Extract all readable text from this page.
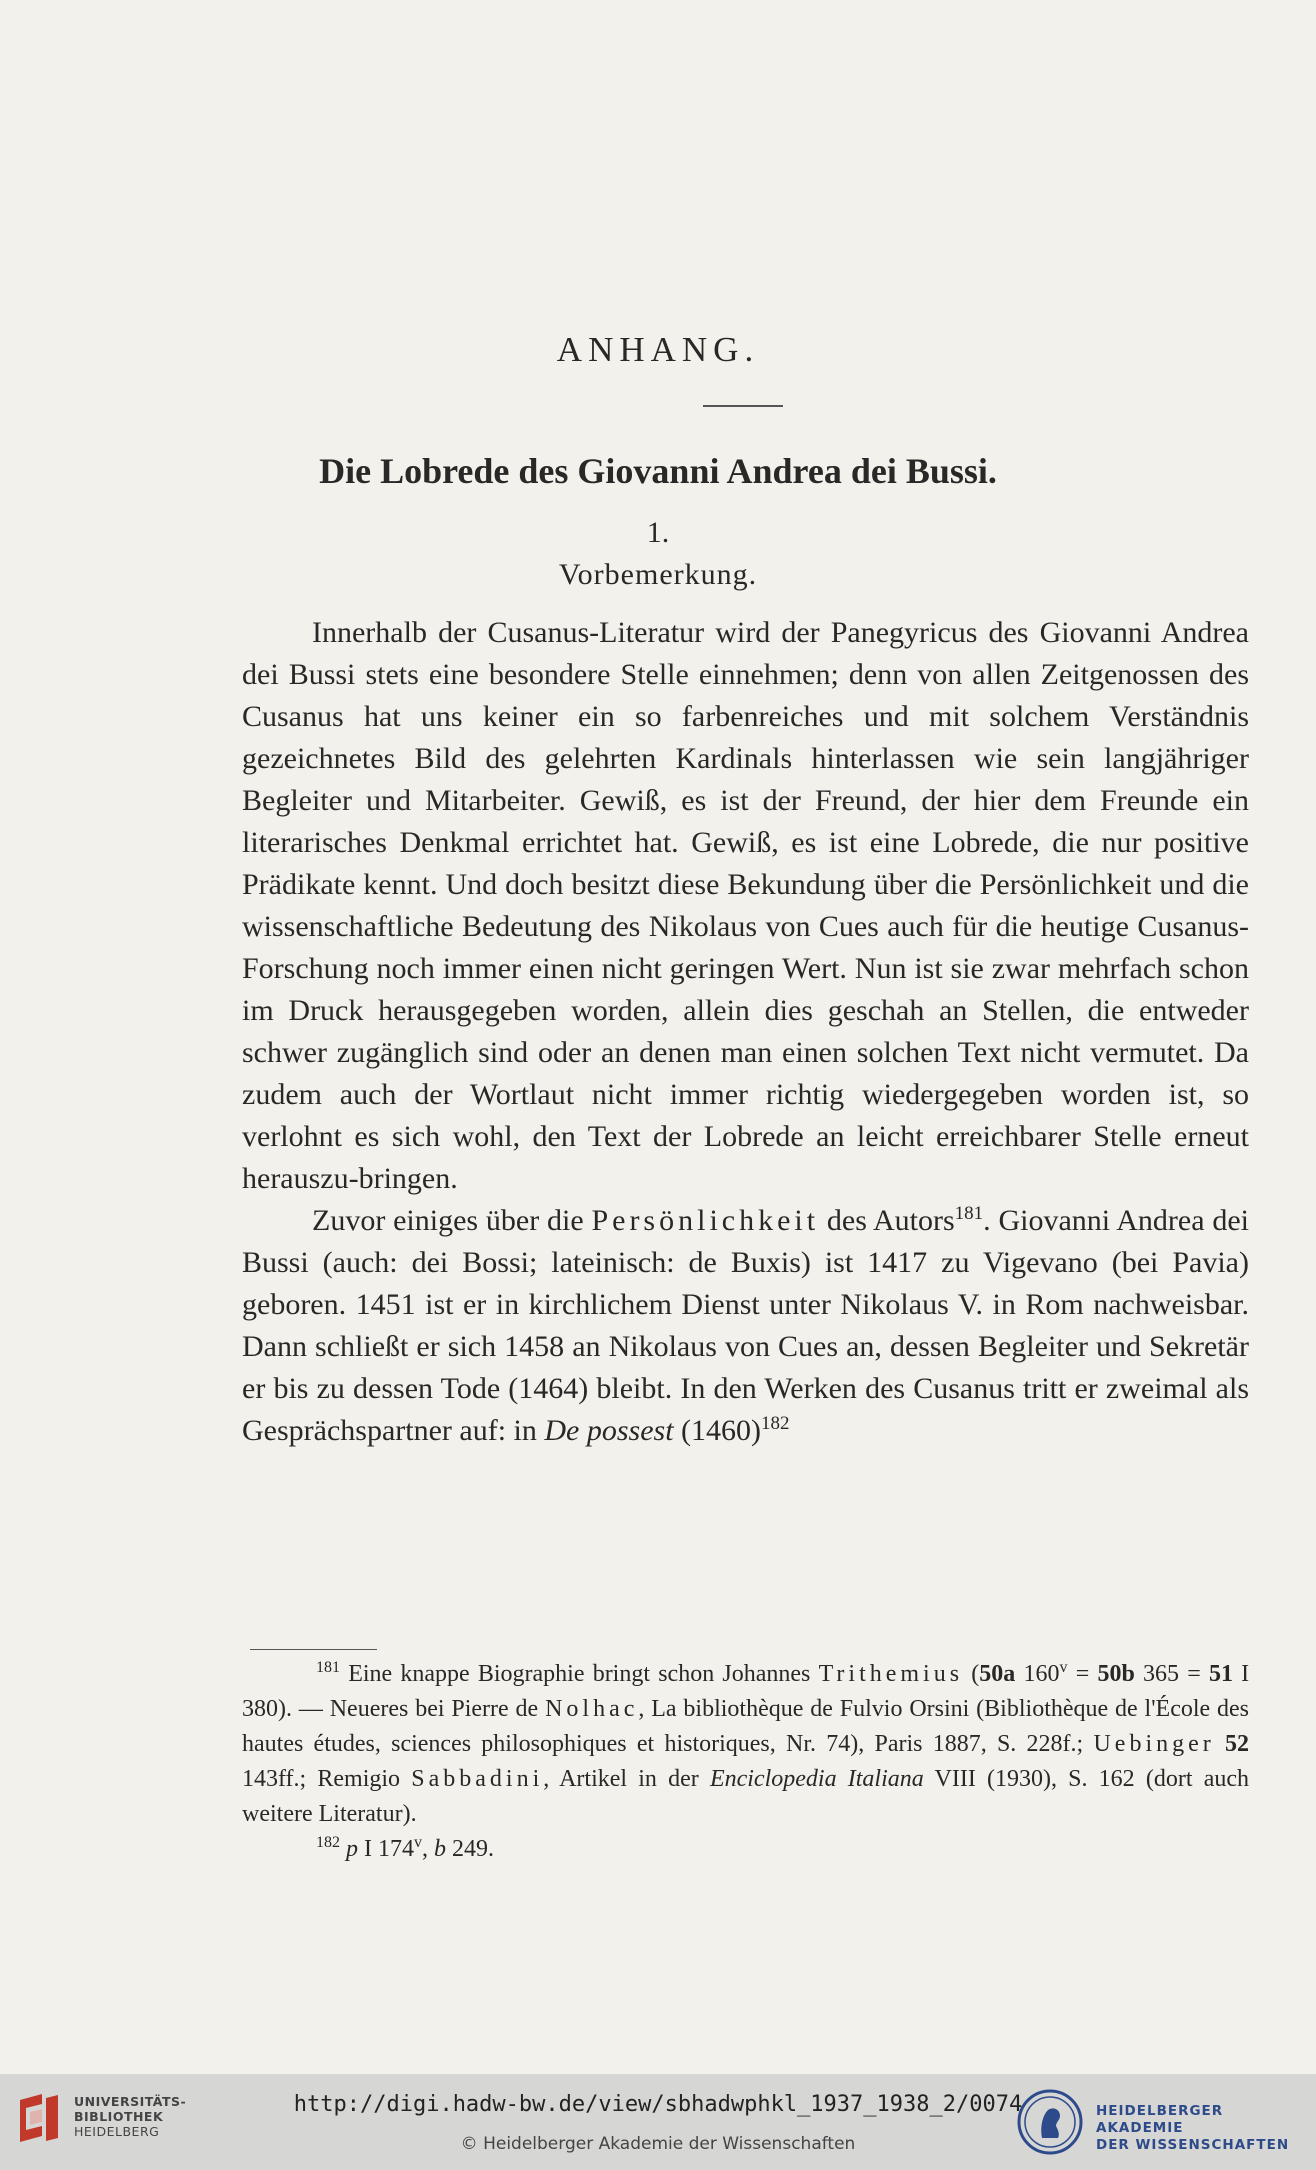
ANHANG.
Die Lobrede des Giovanni Andrea dei Bussi.
1.
Vorbemerkung.

Innerhalb der Cusanus-Literatur wird der Panegyricus des Giovanni Andrea dei Bussi stets eine besondere Stelle einnehmen; denn von allen Zeitgenossen des Cusanus hat uns keiner ein so farbenreiches und mit solchem Verständnis gezeichnetes Bild des gelehrten Kardinals hinterlassen wie sein langjähriger Begleiter und Mitarbeiter. Gewiß, es ist der Freund, der hier dem Freunde ein literarisches Denkmal errichtet hat. Gewiß, es ist eine Lobrede, die nur positive Prädikate kennt. Und doch besitzt diese Bekundung über die Persönlichkeit und die wissenschaftliche Bedeutung des Nikolaus von Cues auch für die heutige Cusanus-Forschung noch immer einen nicht geringen Wert. Nun ist sie zwar mehrfach schon im Druck herausgegeben worden, allein dies geschah an Stellen, die entweder schwer zugänglich sind oder an denen man einen solchen Text nicht vermutet. Da zudem auch der Wortlaut nicht immer richtig wiedergegeben worden ist, so verlohnt es sich wohl, den Text der Lobrede an leicht erreichbarer Stelle erneut herauszu-bringen.

Zuvor einiges über die Persönlichkeit des Autors$^{181}$. Giovanni Andrea dei Bussi (auch: dei Bossi; lateinisch: de Buxis) ist 1417 zu Vigevano (bei Pavia) geboren. 1451 ist er in kirchlichem Dienst unter Nikolaus V. in Rom nachweisbar. Dann schließt er sich 1458 an Nikolaus von Cues an, dessen Begleiter und Sekretär er bis zu dessen Tode (1464) bleibt. In den Werken des Cusanus tritt er zweimal als Gesprächspartner auf: in De possest $(1460)^{182}$

$^{181}$ Eine knappe Biographie bringt schon Johannes Trithemius (50a $160^v = 50b$ 365 = 51 I 380). — Neueres bei Pierre de Nolhac, La bibliothèque de Fulvio Orsini (Bibliothèque de l'École des hautes études, sciences philosophiques et historiques, Nr. 74), Paris 1887, S. 228f.; Uebinger 52 143ff.; Remigio Sabbadini, Artikel in der Enciclopedia Italiana VIII (1930), S. 162 (dort auch weitere Literatur).

$^{182}$ p I 174$^v$, b 249.

UNIVERSITÄTS-
BIBLIOTHEK
HEIDELBERG
http://digi.hadw-bw.de/view/sbhadwphkl_1937_1938_2/0074
© Heidelberger Akademie der Wissenschaften
HEIDELBERGER AKADEMIE
DER WISSENSCHAFTEN
